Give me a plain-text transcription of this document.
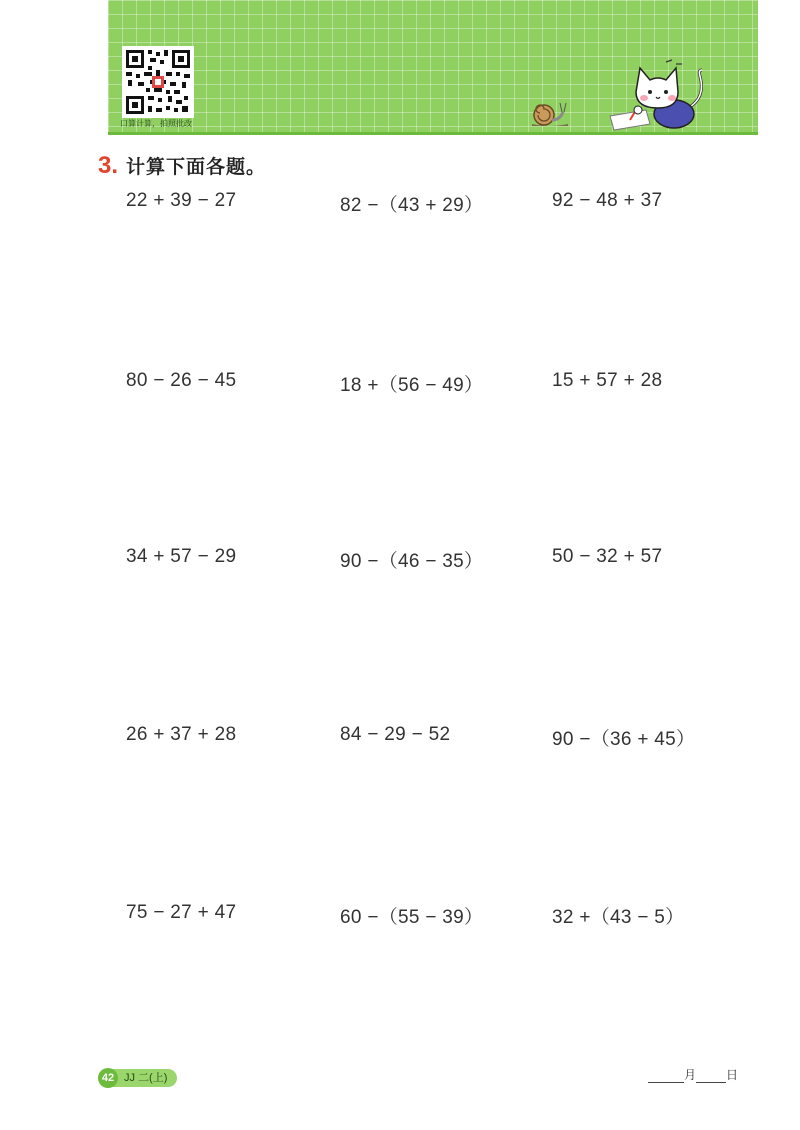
口算计算，拍照批改
3. 计算下面各题。
22 + 39 − 27	82 −（43 + 29）	92 − 48 + 37
80 − 26 − 45	18 +（56 − 49）	15 + 57 + 28
34 + 57 − 29	90 −（46 − 35）	50 − 32 + 57
26 + 37 + 28	84 − 29 − 52	90 −（36 + 45）
75 − 27 + 47	60 −（55 − 39）	32 +（43 − 5）
42 JJ 二(上)	月	日
